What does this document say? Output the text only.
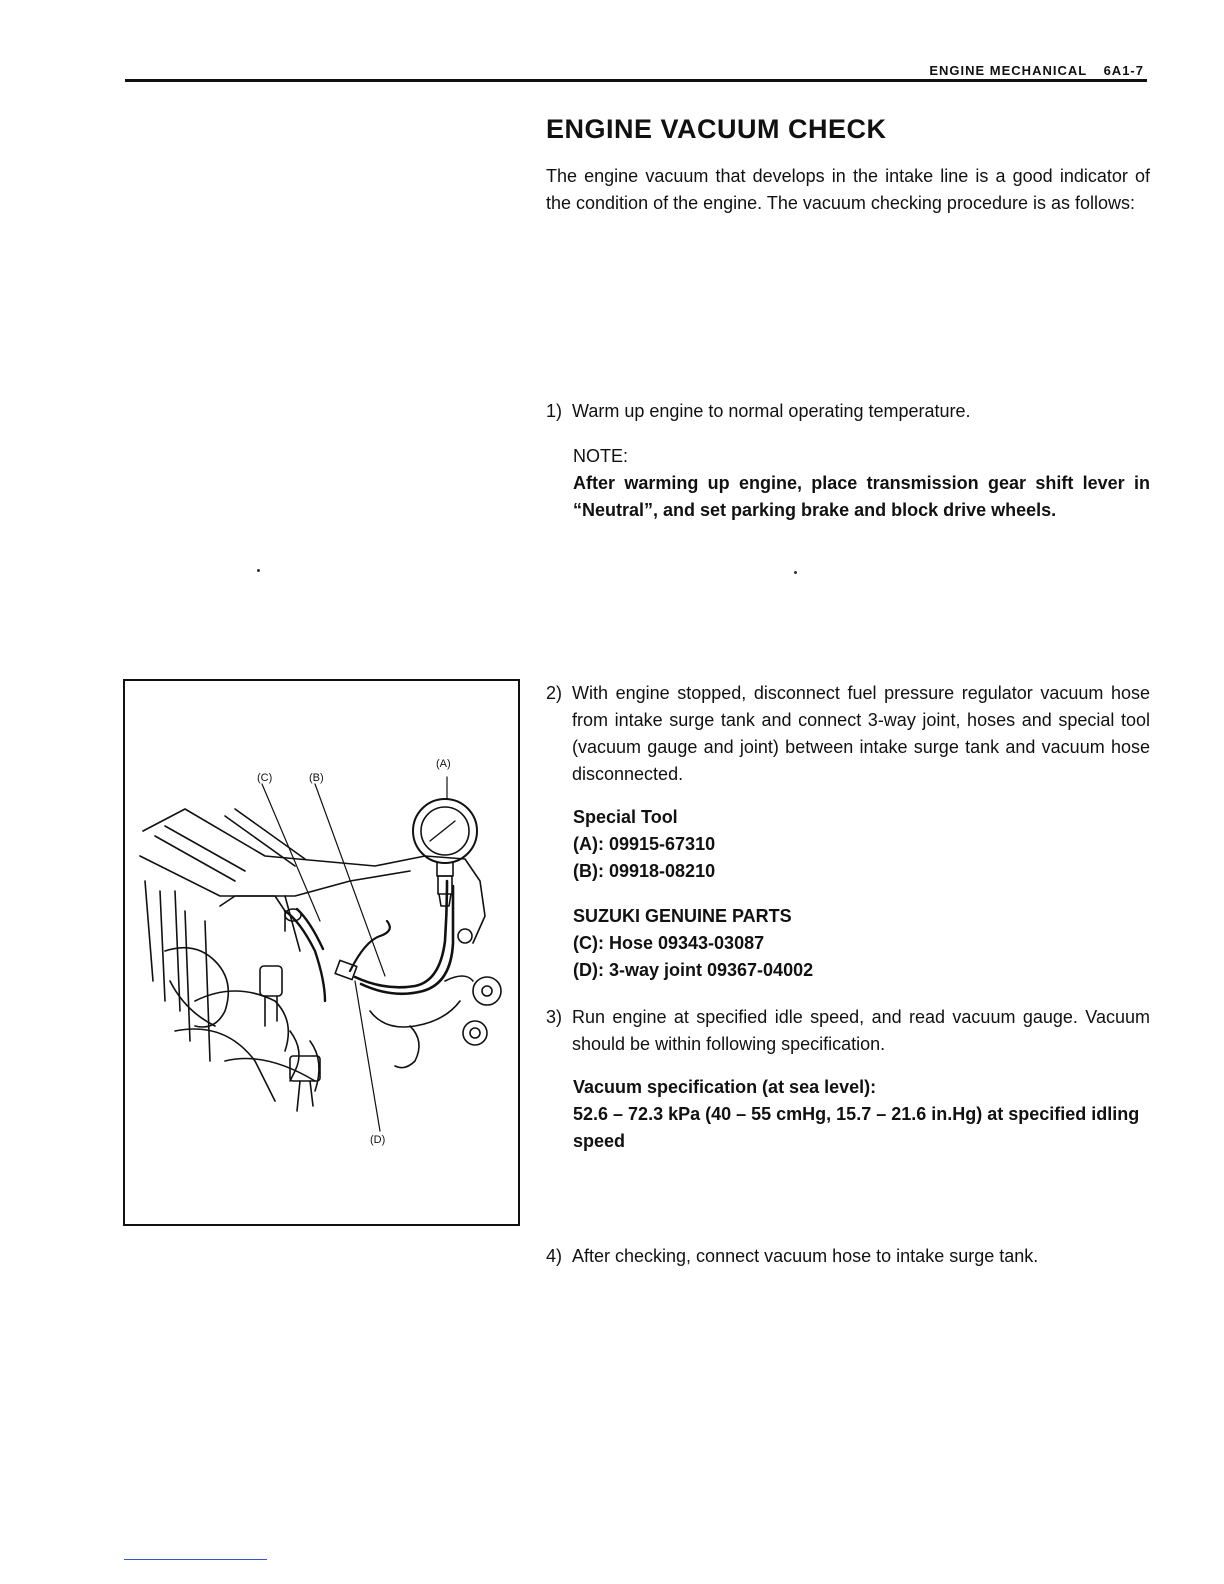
ENGINE MECHANICAL 6A1-7
ENGINE VACUUM CHECK
The engine vacuum that develops in the intake line is a good indicator of the condition of the engine. The vacuum checking procedure is as follows:
1) Warm up engine to normal operating temperature.
NOTE:
After warming up engine, place transmission gear shift lever in “Neutral”, and set parking brake and block drive wheels.
(C)	(B)
(A)
(D)
2) With engine stopped, disconnect fuel pressure regulator vacuum hose from intake surge tank and connect 3-way joint, hoses and special tool (vacuum gauge and joint) between intake surge tank and vacuum hose disconnected.
Special Tool
(A): 09915-67310
(B): 09918-08210
SUZUKI GENUINE PARTS
(C): Hose 09343-03087
(D): 3-way joint 09367-04002
3) Run engine at specified idle speed, and read vacuum gauge. Vacuum should be within following specification.
Vacuum specification (at sea level):
52.6 – 72.3 kPa (40 – 55 cmHg, 15.7 – 21.6 in.Hg) at specified idling speed
4) After checking, connect vacuum hose to intake surge tank.
